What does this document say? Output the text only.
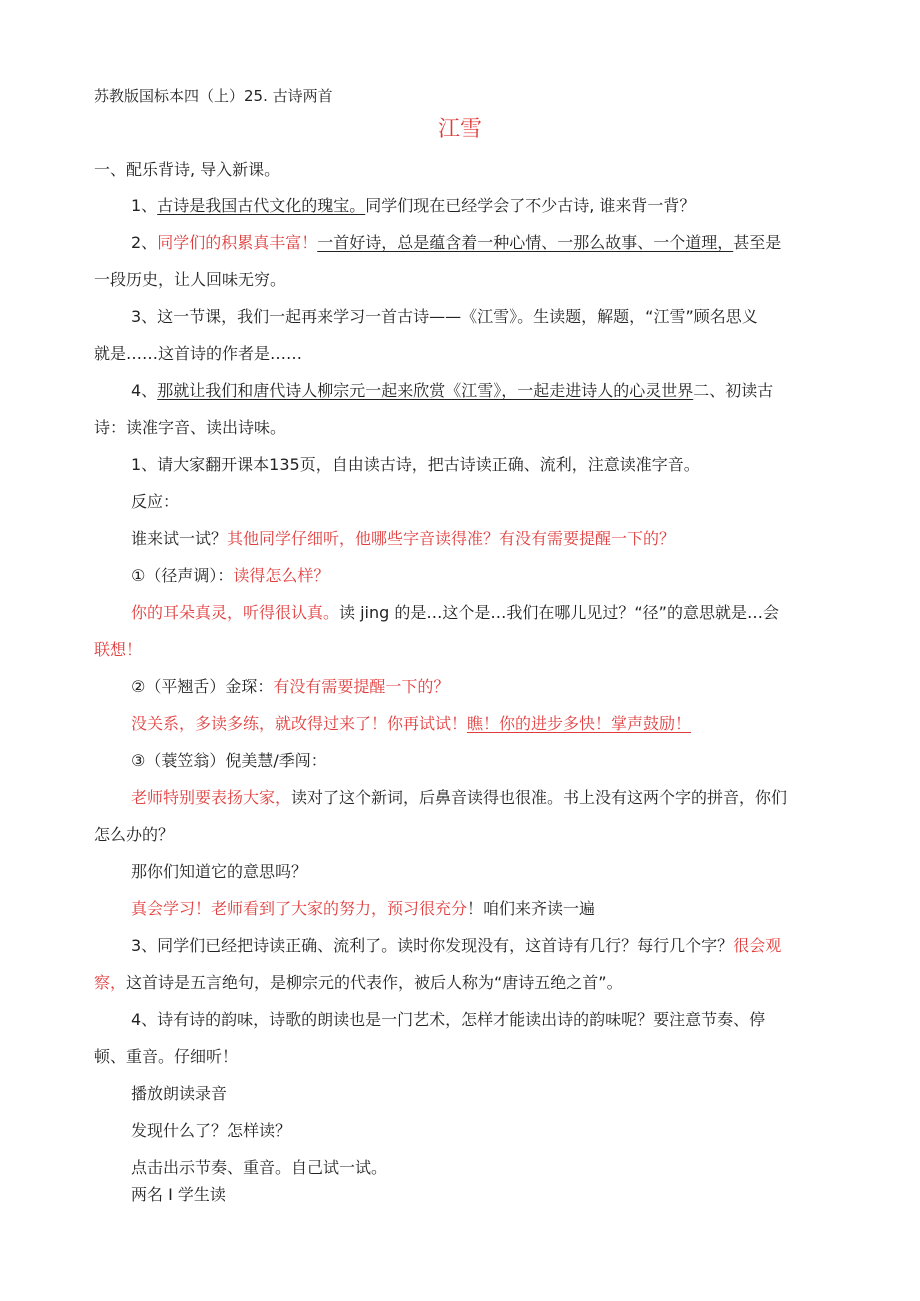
苏教版国标本四（上）25. 古诗两首
江雪
一、配乐背诗, 导入新课。
1、古诗是我国古代文化的瑰宝。同学们现在已经学会了不少古诗, 谁来背一背？
2、同学们的积累真丰富！一首好诗，总是蕴含着一种心情、一那么故事、一个道理，甚至是
一段历史，让人回味无穷。
3、这一节课，我们一起再来学习一首古诗——《江雪》。生读题，解题，“江雪”顾名思义
就是……这首诗的作者是……
4、那就让我们和唐代诗人柳宗元一起来欣赏《江雪》，一起走进诗人的心灵世界二、初读古
诗：读准字音、读出诗味。
1、请大家翻开课本135页，自由读古诗，把古诗读正确、流利，注意读准字音。
反应：
谁来试一试？其他同学仔细听，他哪些字音读得准？有没有需要提醒一下的？
①（径声调）：读得怎么样？
你的耳朵真灵，听得很认真。读 jing 的是…这个是…我们在哪儿见过？“径”的意思就是…会
联想！
②（平翘舌）金琛：有没有需要提醒一下的？
没关系，多读多练，就改得过来了！你再试试！瞧！你的进步多快！掌声鼓励！
③（蓑笠翁）倪美慧/季闯：
老师特别要表扬大家，读对了这个新词，后鼻音读得也很准。书上没有这两个字的拼音，你们
怎么办的？
那你们知道它的意思吗？
真会学习！老师看到了大家的努力，预习很充分！咱们来齐读一遍
3、同学们已经把诗读正确、流利了。读时你发现没有，这首诗有几行？每行几个字？很会观
察，这首诗是五言绝句，是柳宗元的代表作，被后人称为“唐诗五绝之首”。
4、诗有诗的韵味，诗歌的朗读也是一门艺术，怎样才能读出诗的韵味呢？要注意节奏、停
顿、重音。仔细听！
播放朗读录音
发现什么了？怎样读？
点击出示节奏、重音。自己试一试。
两名 I 学生读
